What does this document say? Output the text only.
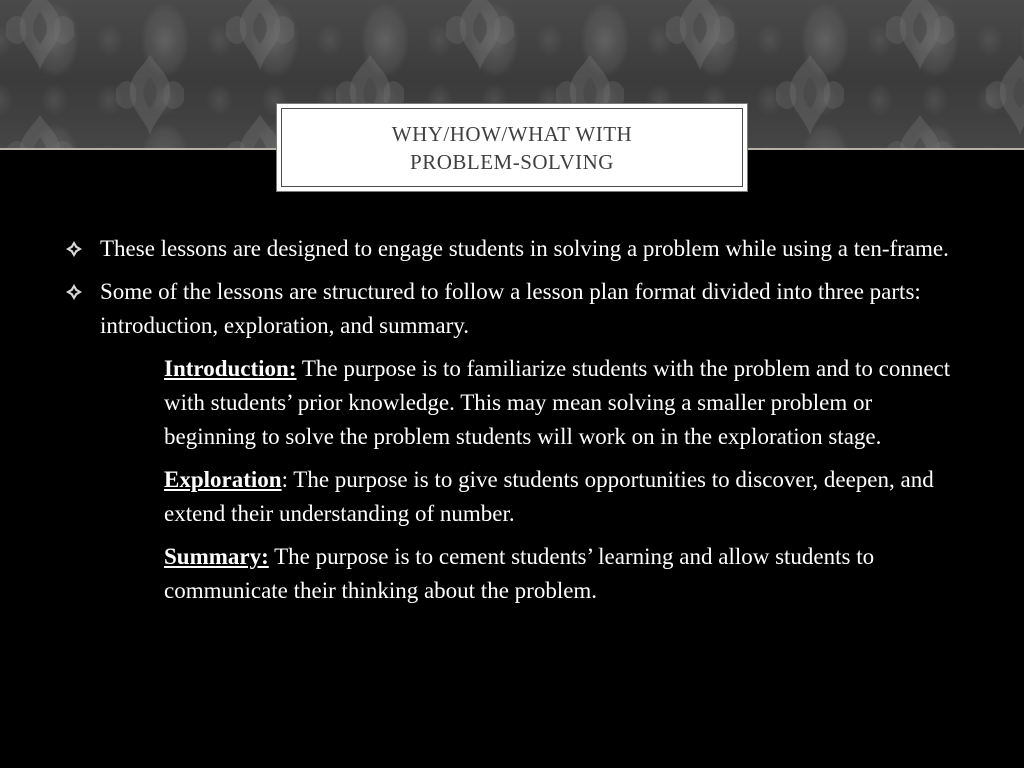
WHY/HOW/WHAT WITH
PROBLEM-SOLVING
These lessons are designed to engage students in solving a problem while using a ten-frame.
Some of the lessons are structured to follow a lesson plan format divided into three parts: introduction, exploration, and summary.
Introduction: The purpose is to familiarize students with the problem and to connect with students’ prior knowledge. This may mean solving a smaller problem or beginning to solve the problem students will work on in the exploration stage.
Exploration: The purpose is to give students opportunities to discover, deepen, and extend their understanding of number.
Summary: The purpose is to cement students’ learning and allow students to communicate their thinking about the problem.
